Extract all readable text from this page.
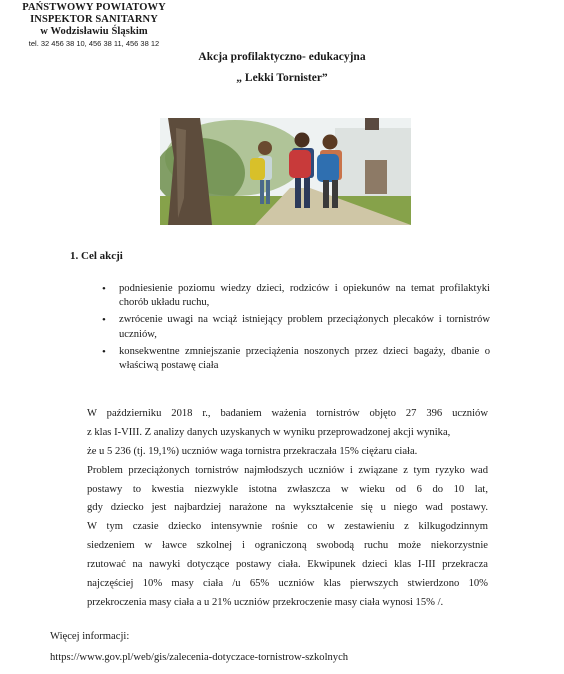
PAŃSTWOWY POWIATOWY
INSPEKTOR SANITARNY
w Wodzisławiu Śląskim
tel. 32 456 38 10, 456 38 11, 456 38 12
Akcja profilaktyczno- edukacyjna
„ Lekki Tornister”
1. Cel akcji
• podniesienie poziomu wiedzy dzieci, rodziców i opiekunów na temat profilaktyki chorób układu ruchu,
• zwrócenie uwagi na wciąż istniejący problem przeciążonych plecaków i tornistrów uczniów,
• konsekwentne zmniejszanie przeciążenia noszonych przez dzieci bagaży, dbanie o właściwą postawę ciała
W październiku 2018 r., badaniem ważenia tornistrów objęto 27 396 uczniów
z klas I-VIII. Z analizy danych uzyskanych w wyniku przeprowadzonej akcji wynika,
że u 5 236 (tj. 19,1%) uczniów waga tornistra przekraczała 15% ciężaru ciała.
Problem przeciążonych tornistrów najmłodszych uczniów i związane z tym ryzyko wad
postawy to kwestia niezwykle istotna zwłaszcza w wieku od 6 do 10 lat,
gdy dziecko jest najbardziej narażone na wykształcenie się u niego wad postawy.
W tym czasie dziecko intensywnie rośnie co w zestawieniu z kilkugodzinnym
siedzeniem w ławce szkolnej i ograniczoną swobodą ruchu może niekorzystnie
rzutować na nawyki dotyczące postawy ciała. Ekwipunek dzieci klas I-III przekracza
najczęściej 10% masy ciała /u 65% uczniów klas pierwszych stwierdzono 10%
przekroczenia masy ciała a u 21% uczniów przekroczenie masy ciała wynosi 15% /.
Więcej informacji:
https://www.gov.pl/web/gis/zalecenia-dotyczace-tornistrow-szkolnych
